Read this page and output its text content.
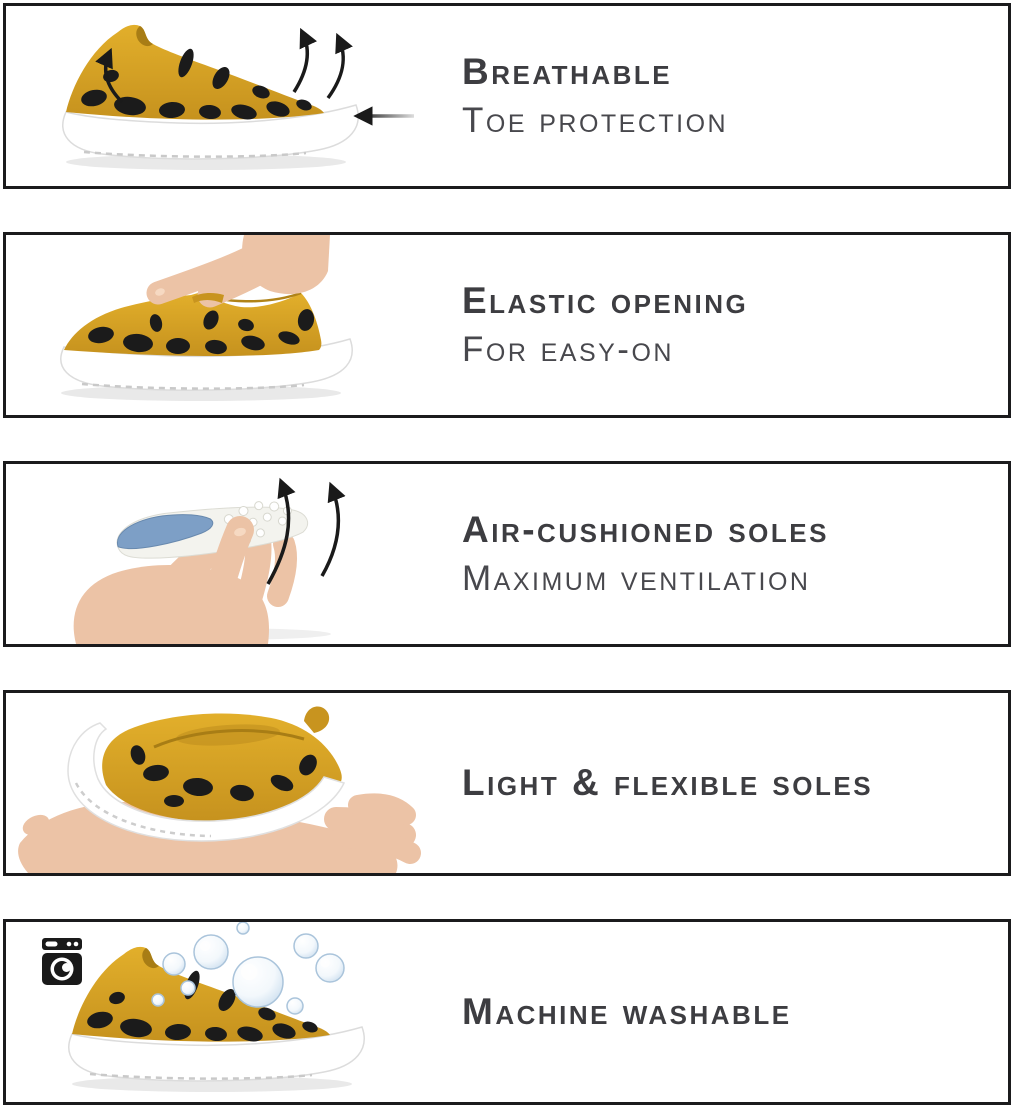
Breathable

Toe protection

Elastic opening

For easy-on

Air-cushioned soles

Maximum ventilation

Light & flexible soles
Machine washable
